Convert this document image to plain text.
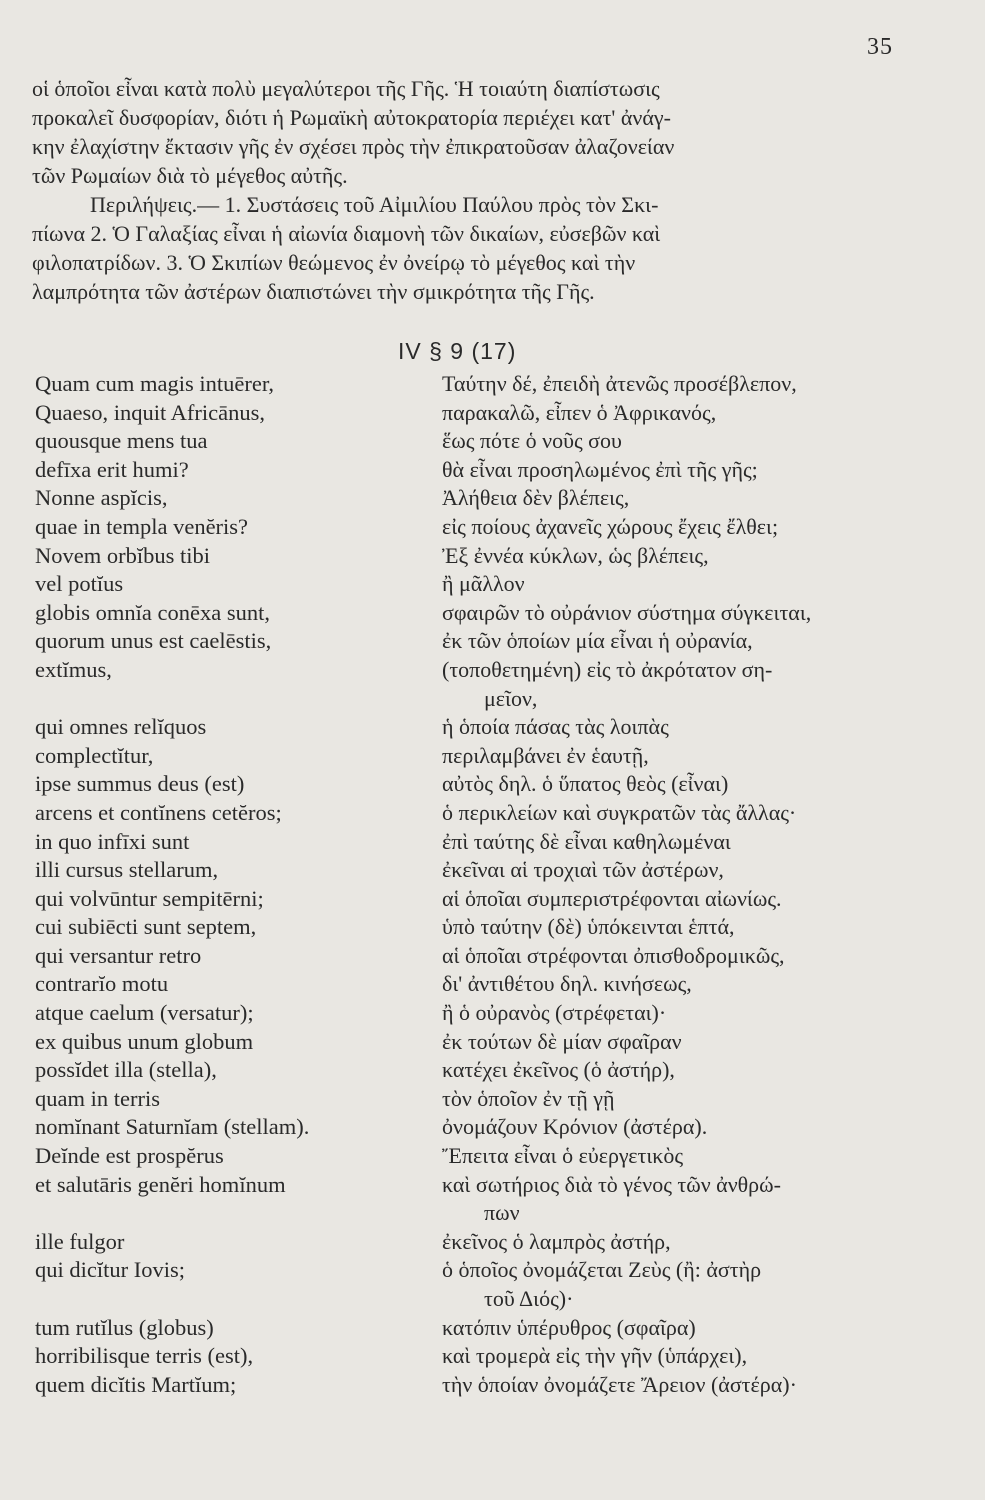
35
οἱ ὁποῖοι εἶναι κατὰ πολὺ μεγαλύτεροι τῆς Γῆς. Ἡ τοιαύτη διαπίστωσις
προκαλεῖ δυσφορίαν, διότι ἡ Ρωμαϊκὴ αὐτοκρατορία περιέχει κατ' ἀνάγ-
κην ἐλαχίστην ἔκτασιν γῆς ἐν σχέσει πρὸς τὴν ἐπικρατοῦσαν ἀλαζονείαν
τῶν Ρωμαίων διὰ τὸ μέγεθος αὐτῆς.
Περιλήψεις.— 1. Συστάσεις τοῦ Αἰμιλίου Παύλου πρὸς τὸν Σκι-
πίωνα 2. Ὁ Γαλαξίας εἶναι ἡ αἰωνία διαμονὴ τῶν δικαίων, εὐσεβῶν καὶ
φιλοπατρίδων. 3. Ὁ Σκιπίων θεώμενος ἐν ὀνείρῳ τὸ μέγεθος καὶ τὴν
λαμπρότητα τῶν ἀστέρων διαπιστώνει τὴν σμικρότητα τῆς Γῆς.
IV § 9 (17)
Quam cum magis intuērer,
Quaeso, inquit Africānus,
quousque mens tua
defīxa erit humi?
Nonne aspĭcis,
quae in templa venĕris?
Novem orbĭbus tibi
vel potĭus
globis omnĭa conēxa sunt,
quorum unus est caelēstis,
extĭmus,
qui omnes relĭquos
complectĭtur,
ipse summus deus (est)
arcens et contĭnens cetĕros;
in quo infīxi sunt
illi cursus stellarum,
qui volvūntur sempitērni;
cui subiēcti sunt septem,
qui versantur retro
contrarĭo motu
atque caelum (versatur);
ex quibus unum globum
possĭdet illa (stella),
quam in terris
nomĭnant Saturnĭam (stellam).
Deĭnde est prospĕrus
et salutāris genĕri homĭnum
ille fulgor
qui dicĭtur Iovis;
tum rutĭlus (globus)
horribilisque terris (est),
quem dicĭtis Martĭum;
Ταύτην δέ, ἐπειδὴ ἀτενῶς προσέβλεπον,
παρακαλῶ, εἶπεν ὁ Ἀφρικανός,
ἕως πότε ὁ νοῦς σου
θὰ εἶναι προσηλωμένος ἐπὶ τῆς γῆς;
Ἀλήθεια δὲν βλέπεις,
εἰς ποίους ἀχανεῖς χώρους ἔχεις ἔλθει;
Ἐξ ἐννέα κύκλων, ὡς βλέπεις,
ἢ μᾶλλον
σφαιρῶν τὸ οὐράνιον σύστημα σύγκειται,
ἐκ τῶν ὁποίων μία εἶναι ἡ οὐρανία,
(τοποθετημένη) εἰς τὸ ἀκρότατον ση-
μεῖον,
ἡ ὁποία πάσας τὰς λοιπὰς
περιλαμβάνει ἐν ἑαυτῇ,
αὐτὸς δηλ. ὁ ὕπατος θεὸς (εἶναι)
ὁ περικλείων καὶ συγκρατῶν τὰς ἄλλας·
ἐπὶ ταύτης δὲ εἶναι καθηλωμέναι
ἐκεῖναι αἱ τροχιαὶ τῶν ἀστέρων,
αἱ ὁποῖαι συμπεριστρέφονται αἰωνίως.
ὑπὸ ταύτην (δὲ) ὑπόκεινται ἑπτά,
αἱ ὁποῖαι στρέφονται ὀπισθοδρομικῶς,
δι' ἀντιθέτου δηλ. κινήσεως,
ἢ ὁ οὐρανὸς (στρέφεται)·
ἐκ τούτων δὲ μίαν σφαῖραν
κατέχει ἐκεῖνος (ὁ ἀστήρ),
τὸν ὁποῖον ἐν τῇ γῇ
ὀνομάζουν Κρόνιον (ἀστέρα).
Ἔπειτα εἶναι ὁ εὐεργετικὸς
καὶ σωτήριος διὰ τὸ γένος τῶν ἀνθρώ-
πων
ἐκεῖνος ὁ λαμπρὸς ἀστήρ,
ὁ ὁποῖος ὀνομάζεται Ζεὺς (ἢ: ἀστὴρ
τοῦ Διός)·
κατόπιν ὑπέρυθρος (σφαῖρα)
καὶ τρομερὰ εἰς τὴν γῆν (ὑπάρχει),
τὴν ὁποίαν ὀνομάζετε Ἄρειον (ἀστέρα)·
